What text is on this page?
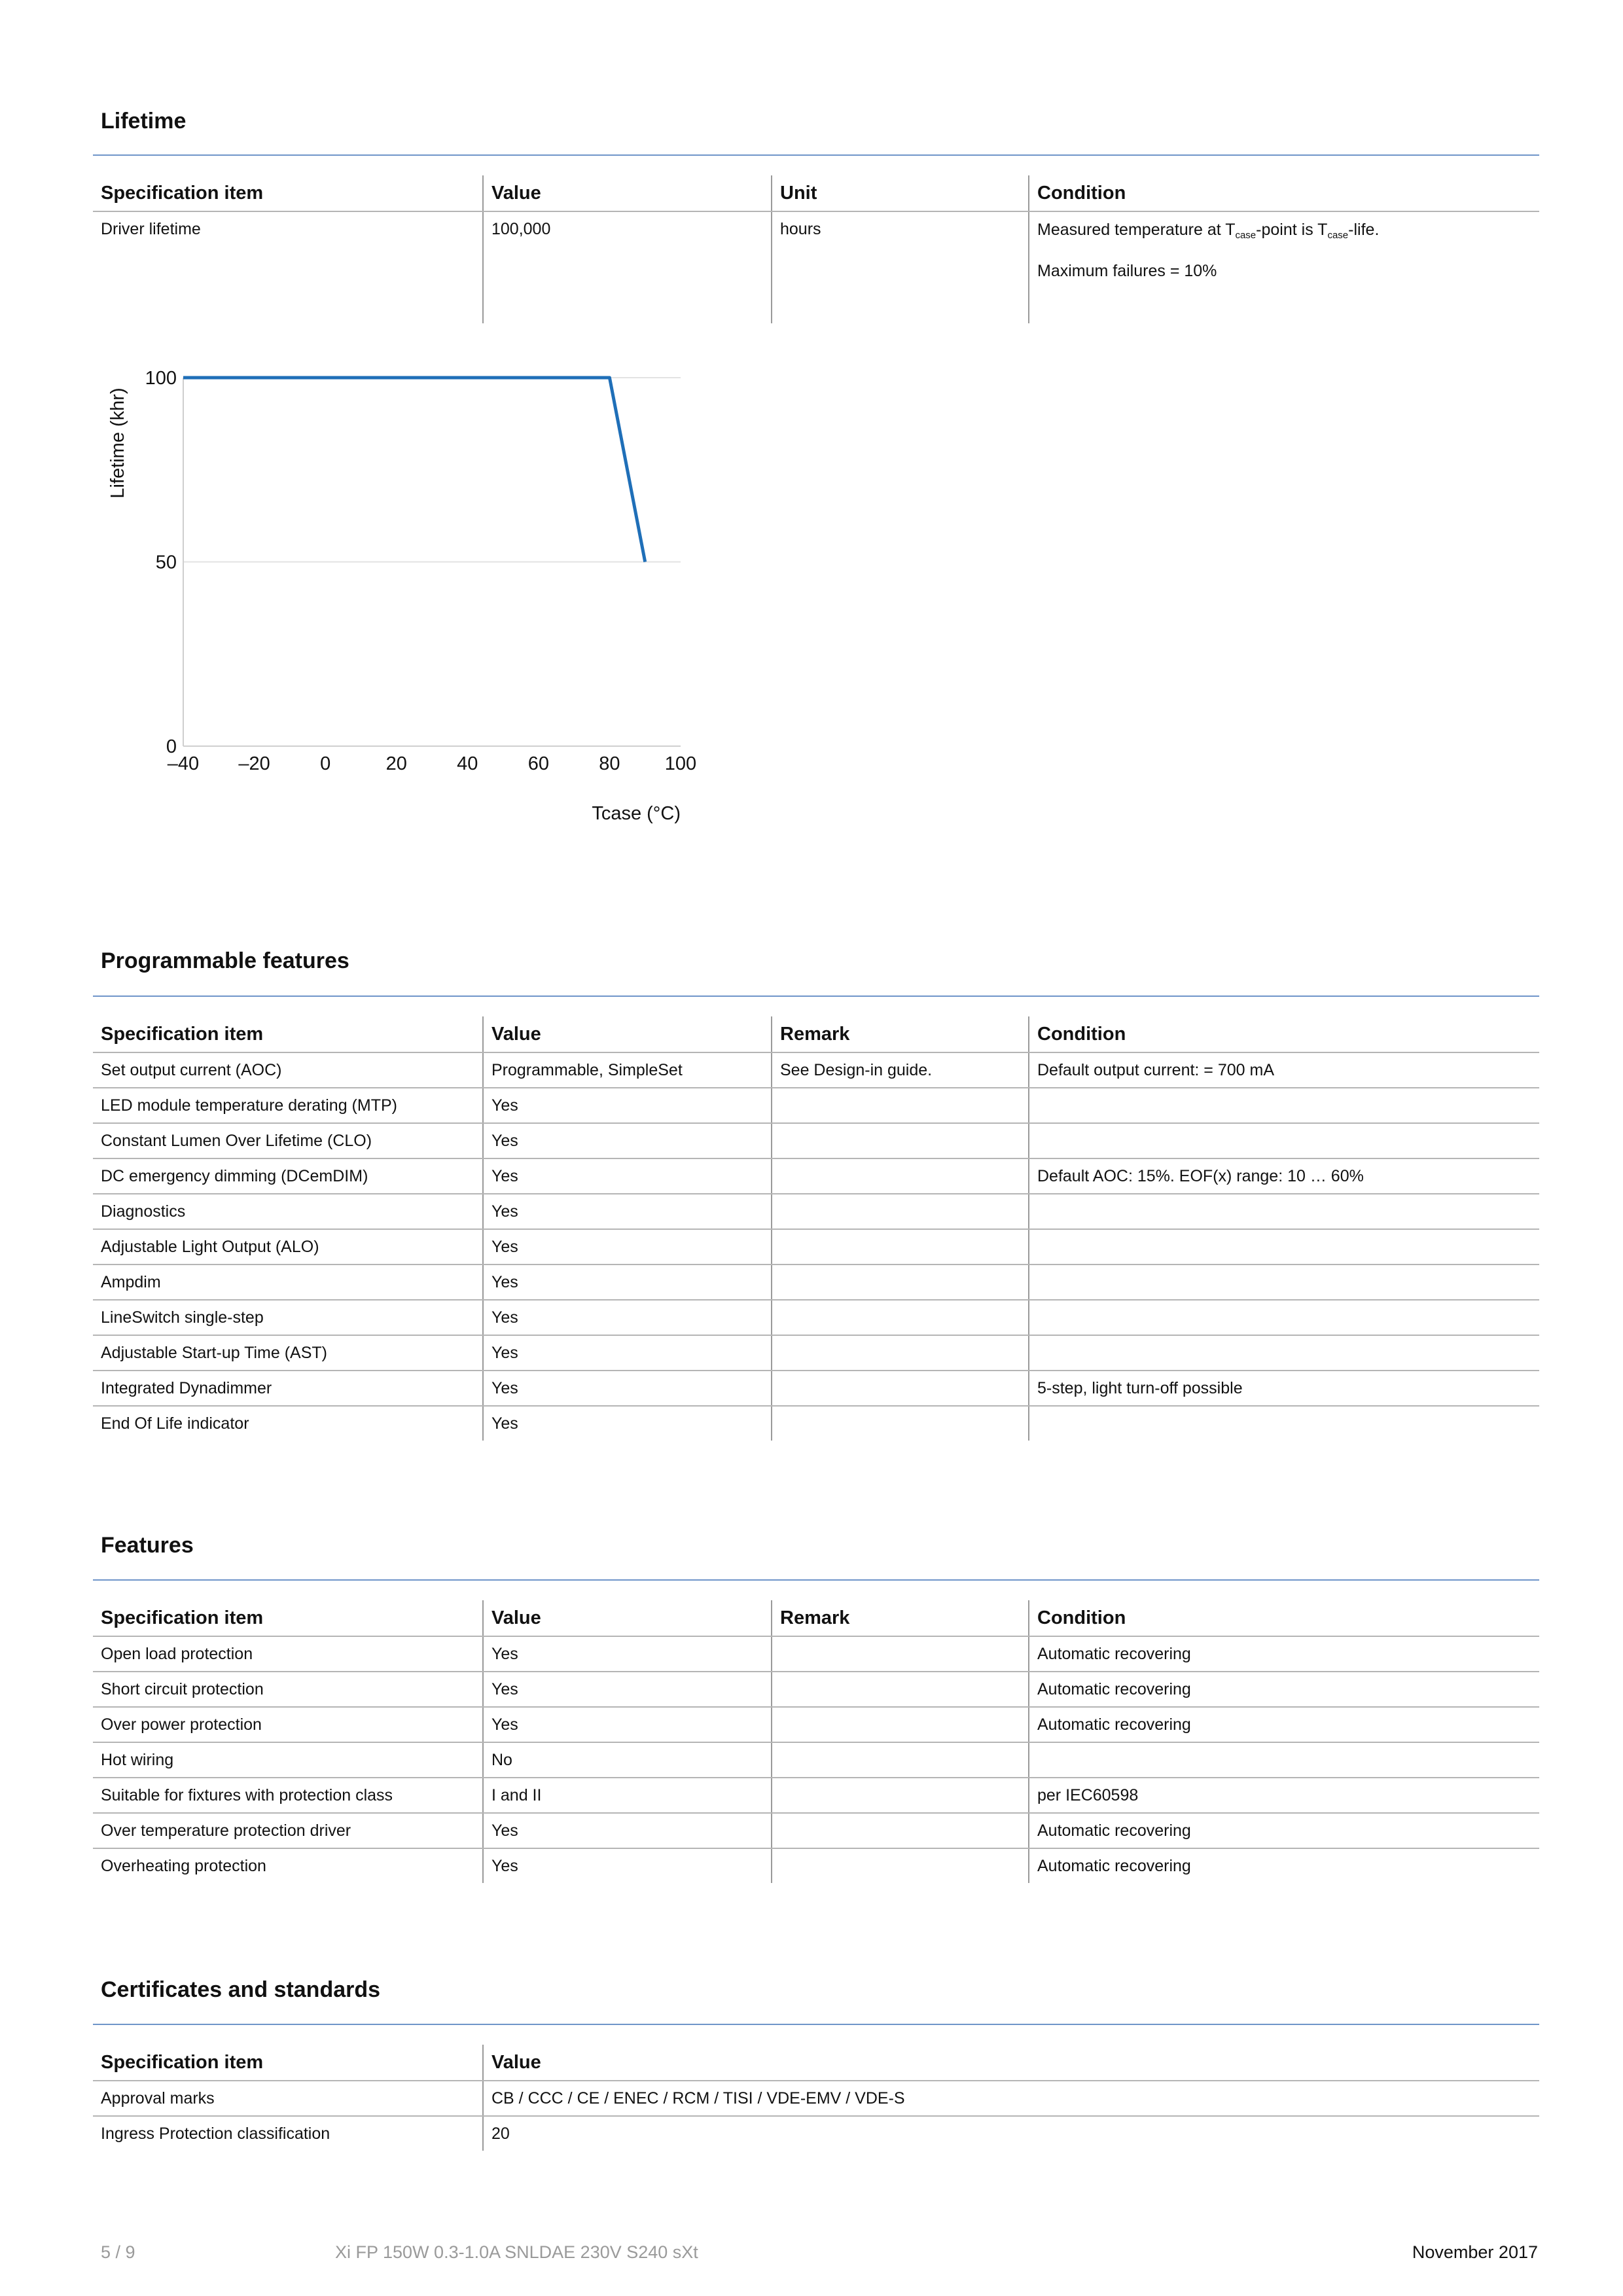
Lifetime
Specification item	Value	Unit	Condition
Driver lifetime	100,000	hours	Measured temperature at $T_{case}$-point is $T_{case}$-life.
Maximum failures = 10%
0
50
100
–40 –20	0	20	40	60	80 100
Tcase (°C)
Lifetime (khr)
Programmable features
Specification item	Value	Remark	Condition
Set output current (AOC)	Programmable, SimpleSet	See Design-in guide.	Default output current: = 700 mA
LED module temperature derating (MTP)	Yes		
Constant Lumen Over Lifetime (CLO)	Yes		
DC emergency dimming (DCemDIM)	Yes		Default AOC: 15%. EOF(x) range: 10 … 60%
Diagnostics	Yes		
Adjustable Light Output (ALO)	Yes		
Ampdim	Yes		
LineSwitch single-step	Yes		
Adjustable Start-up Time (AST)	Yes		
Integrated Dynadimmer	Yes		5-step, light turn-off possible
End Of Life indicator	Yes		
Features
Specification item	Value	Remark	Condition
Open load protection	Yes		Automatic recovering
Short circuit protection	Yes		Automatic recovering
Over power protection	Yes		Automatic recovering
Hot wiring	No		
Suitable for fixtures with protection class	I and II		per IEC60598
Over temperature protection driver	Yes		Automatic recovering
Overheating protection	Yes		Automatic recovering
Certificates and standards
Specification item	Value
Approval marks	CB / CCC / CE / ENEC / RCM / TISI / VDE-EMV / VDE-S
Ingress Protection classification	20
5 / 9	Xi FP 150W 0.3-1.0A SNLDAE 230V S240 sXt	November 2017
